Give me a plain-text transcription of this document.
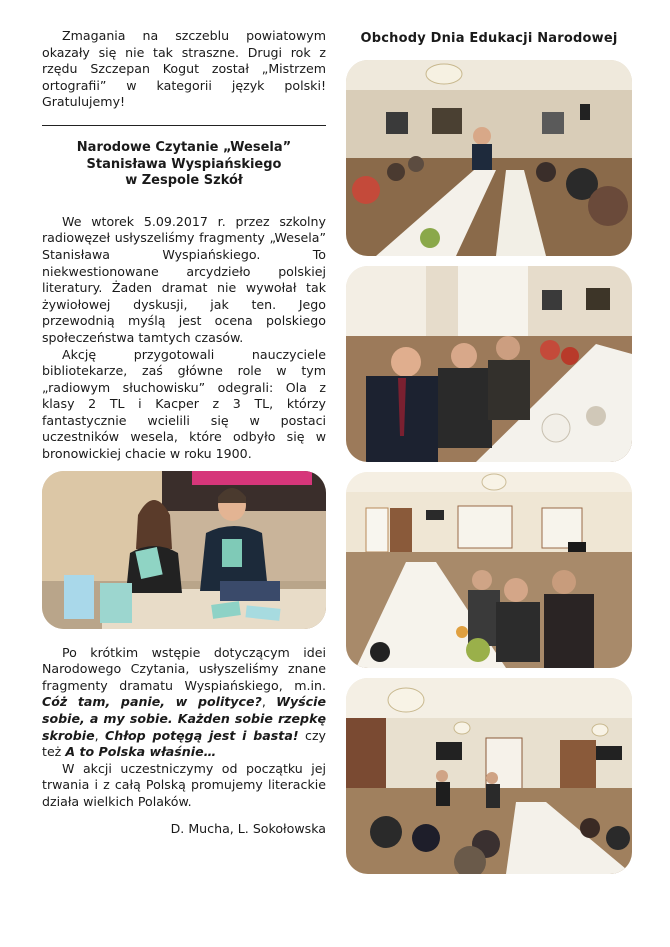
Zmagania na szczeblu powiatowym okazały się nie tak straszne. Drugi rok z rzędu Szczepan Kogut został „Mistrzem ortografii” w kategorii język polski! Gratulujemy!

Narodowe Czytanie „Wesela”
Stanisława Wyspiańskiego
w Zespole Szkół

We wtorek 5.09.2017 r. przez szkolny radiowęzeł usłyszeliśmy fragmenty „Wesela” Stanisława Wyspiańskiego. To niekwestionowane arcydzieło polskiej literatury. Żaden dramat nie wywołał tak żywiołowej dyskusji, jak ten. Jego przewodnią myślą jest ocena polskiego społeczeństwa tamtych czasów.

Akcję przygotowali nauczyciele bibliotekarze, zaś główne role w tym „radiowym słuchowisku” odegrali: Ola z klasy 2 TL i Kacper z 3 TL, którzy fantastycznie wcielili się w postaci uczestników wesela, które odbyło się w bronowickiej chacie w roku 1900.

Po krótkim wstępie dotyczącym idei Narodowego Czytania, usłyszeliśmy znane fragmenty dramatu Wyspiańskiego, m.in. Cóż tam, panie, w polityce?, Wyście sobie, a my sobie. Każden sobie rzepkę skrobie, Chłop potęgą jest i basta! czy też A to Polska właśnie…

W akcji uczestniczymy od początku jej trwania i z całą Polską promujemy literackie działa wielkich Polaków.

D. Mucha, L. Sokołowska
Obchody Dnia Edukacji Narodowej
